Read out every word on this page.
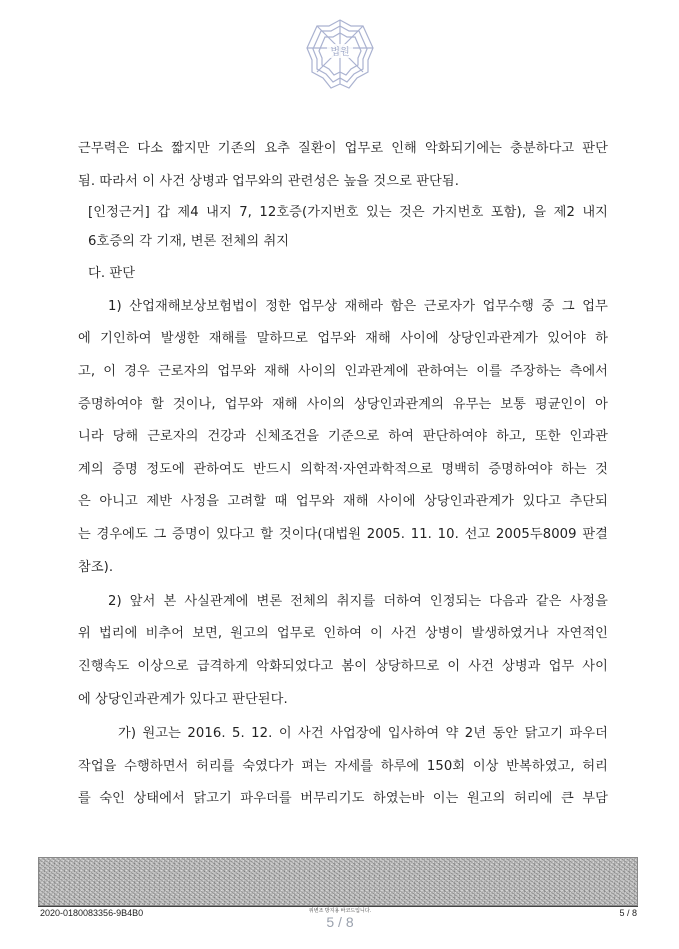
법원
근무력은 다소 짧지만 기존의 요추 질환이 업무로 인해 악화되기에는 충분하다고 판단
됨. 따라서 이 사건 상병과 업무와의 관련성은 높을 것으로 판단됨.
[인정근거] 갑 제4 내지 7, 12호증(가지번호 있는 것은 가지번호 포함), 을 제2 내지
6호증의 각 기재, 변론 전체의 취지
다. 판단
1) 산업재해보상보험법이 정한 업무상 재해라 함은 근로자가 업무수행 중 그 업무
에 기인하여 발생한 재해를 말하므로 업무와 재해 사이에 상당인과관계가 있어야 하
고, 이 경우 근로자의 업무와 재해 사이의 인과관계에 관하여는 이를 주장하는 측에서
증명하여야 할 것이나, 업무와 재해 사이의 상당인과관계의 유무는 보통 평균인이 아
니라 당해 근로자의 건강과 신체조건을 기준으로 하여 판단하여야 하고, 또한 인과관
계의 증명 정도에 관하여도 반드시 의학적·자연과학적으로 명백히 증명하여야 하는 것
은 아니고 제반 사정을 고려할 때 업무와 재해 사이에 상당인과관계가 있다고 추단되
는 경우에도 그 증명이 있다고 할 것이다(대법원 2005. 11. 10. 선고 2005두8009 판결
참조).
2) 앞서 본 사실관계에 변론 전체의 취지를 더하여 인정되는 다음과 같은 사정을
위 법리에 비추어 보면, 원고의 업무로 인하여 이 사건 상병이 발생하였거나 자연적인
진행속도 이상으로 급격하게 악화되었다고 봄이 상당하므로 이 사건 상병과 업무 사이
에 상당인과관계가 있다고 판단된다.
가) 원고는 2016. 5. 12. 이 사건 사업장에 입사하여 약 2년 동안 닭고기 파우더
작업을 수행하면서 허리를 숙였다가 펴는 자세를 하루에 150회 이상 반복하였고, 허리
를 숙인 상태에서 닭고기 파우더를 버무리기도 하였는바 이는 원고의 허리에 큰 부담
2020-0180083356-9B4B0	위변조 방지용 바코드입니다.	5 / 8
5 / 8
